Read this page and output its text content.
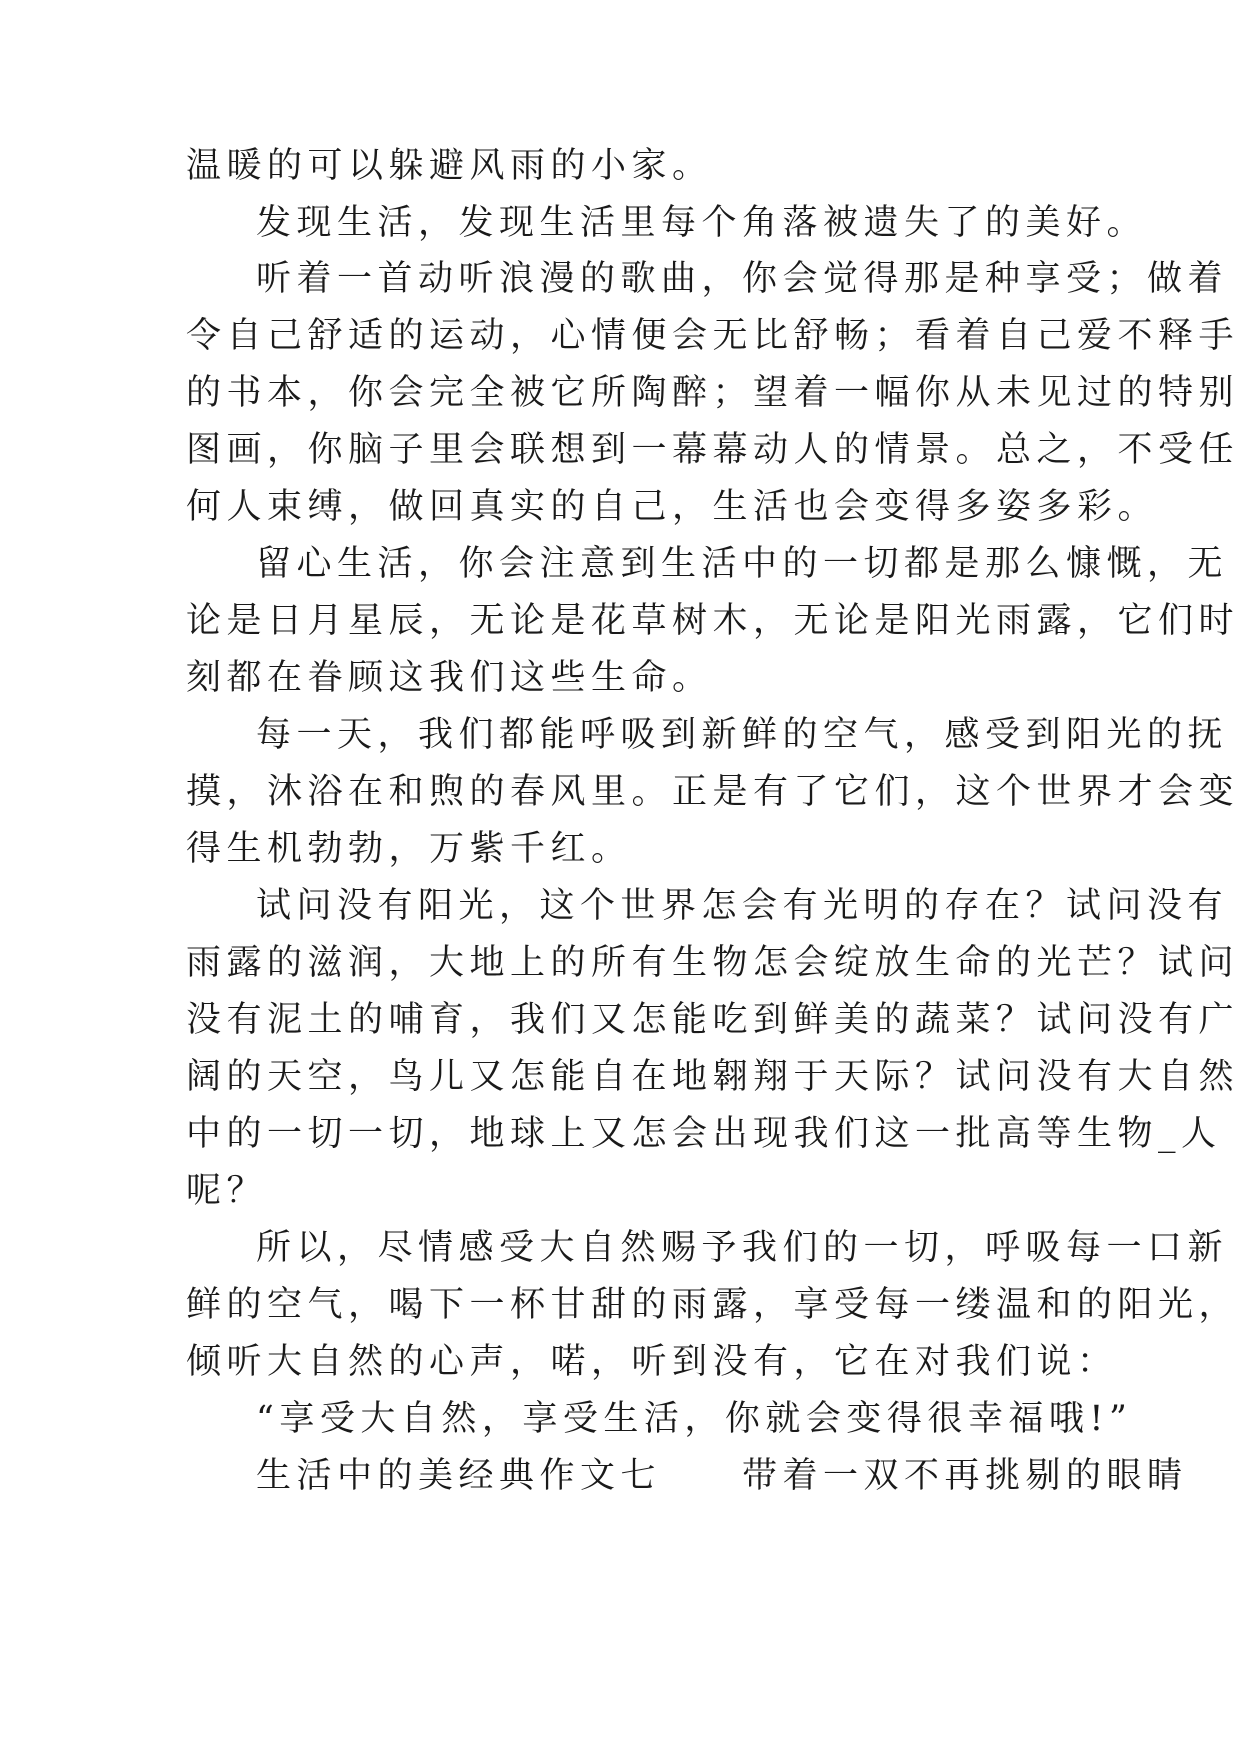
温暖的可以躲避风雨的小家。
发现生活，发现生活里每个角落被遗失了的美好。
听着一首动听浪漫的歌曲，你会觉得那是种享受；做着
令自己舒适的运动，心情便会无比舒畅；看着自己爱不释手
的书本，你会完全被它所陶醉；望着一幅你从未见过的特别
图画，你脑子里会联想到一幕幕动人的情景。总之，不受任
何人束缚，做回真实的自己，生活也会变得多姿多彩。
留心生活，你会注意到生活中的一切都是那么慷慨，无
论是日月星辰，无论是花草树木，无论是阳光雨露，它们时
刻都在眷顾这我们这些生命。
每一天，我们都能呼吸到新鲜的空气，感受到阳光的抚
摸，沐浴在和煦的春风里。正是有了它们，这个世界才会变
得生机勃勃，万紫千红。
试问没有阳光，这个世界怎会有光明的存在？试问没有
雨露的滋润，大地上的所有生物怎会绽放生命的光芒？试问
没有泥土的哺育，我们又怎能吃到鲜美的蔬菜？试问没有广
阔的天空，鸟儿又怎能自在地翱翔于天际？试问没有大自然
中的一切一切，地球上又怎会出现我们这一批高等生物_人
呢？
所以，尽情感受大自然赐予我们的一切，呼吸每一口新
鲜的空气，喝下一杯甘甜的雨露，享受每一缕温和的阳光，
倾听大自然的心声，喏，听到没有，它在对我们说：
“享受大自然，享受生活，你就会变得很幸福哦!”
生活中的美经典作文七　　带着一双不再挑剔的眼睛
